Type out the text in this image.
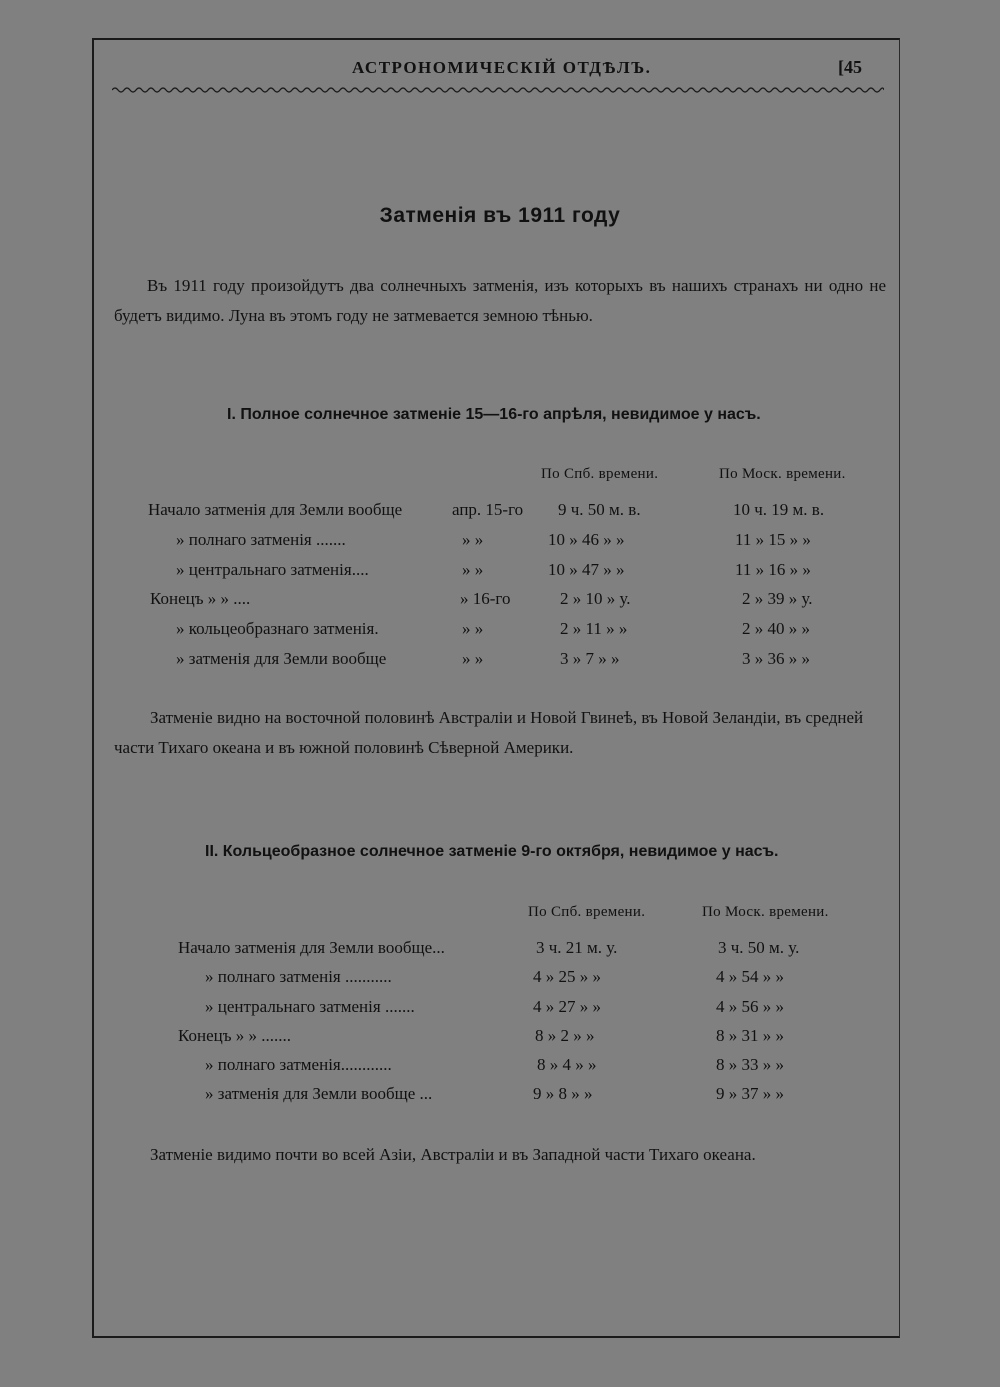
АСТРОНОМИЧЕСКІЙ ОТДѢЛЪ.	[45
Затменія въ 1911 году
Въ 1911 году произойдутъ два солнечныхъ затменія, изъ которыхъ въ нашихъ странахъ ни одно не будетъ видимо. Луна въ этомъ году не затмевается земною тѣнью.
I. Полное солнечное затменіе 15—16-го апрѣля, невидимое у насъ.
По Спб. времени.	По Моск. времени.
Начало затменія для Земли вообще	апр. 15-го 9 ч. 50 м. в.	10 ч. 19 м. в.
» полнаго затменія .......	» »	10 » 46 » »	11 » 15 » »
» центральнаго затменія....	» »	10 » 47 » »	11 » 16 » »
Конецъ » » ....	» 16-го	2 » 10 » у.	2 » 39 » у.
» кольцеобразнаго затменія.	» »	2 » 11 » »	2 » 40 » »
» затменія для Земли вообще	» »	3 » 7 » »	3 » 36 » »
Затменіе видно на восточной половинѣ Австраліи и Новой Гвинеѣ, въ Новой Зеландіи, въ средней части Тихаго океана и въ южной половинѣ Сѣверной Америки.
II. Кольцеобразное солнечное затменіе 9-го октября, невидимое у насъ.
По Спб. времени.	По Моск. времени.
Начало затменія для Земли вообще...	3 ч. 21 м. у.	3 ч. 50 м. у.
» полнаго затменія ...........	4 » 25 » »	4 » 54 » »
» центральнаго затменія .......	4 » 27 » »	4 » 56 » »
Конецъ » » .......	8 » 2 » »	8 » 31 » »
» полнаго затменія............	8 » 4 » »	8 » 33 » »
» затменія для Земли вообще ...	9 » 8 » »	9 » 37 » »
Затменіе видимо почти во всей Азіи, Австраліи и въ Западной части Тихаго океана.
